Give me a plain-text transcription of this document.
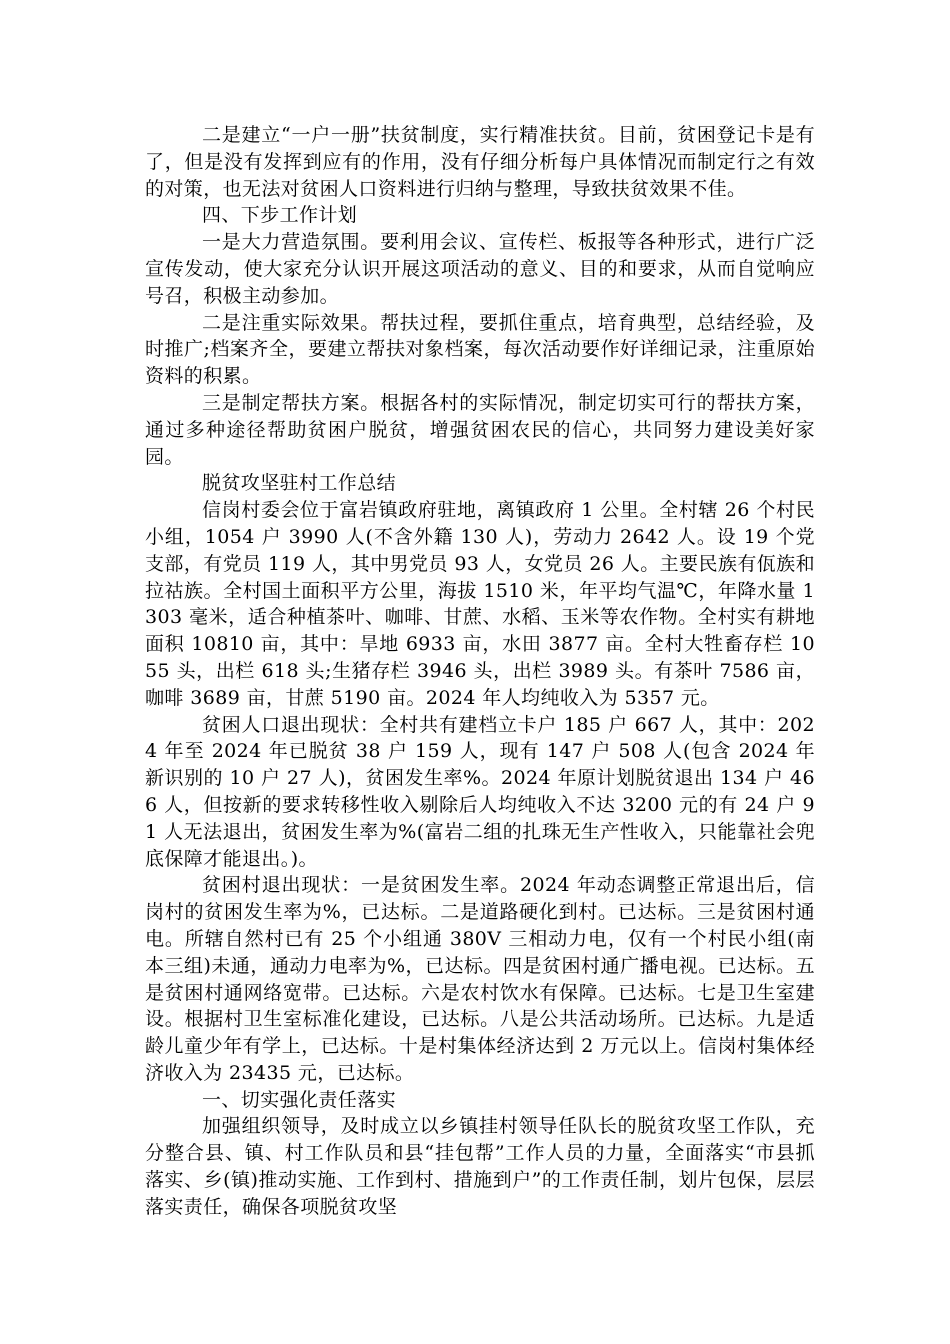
二是建立“一户一册”扶贫制度，实行精准扶贫。目前，贫困登记卡是有了，但是没有发挥到应有的作用，没有仔细分析每户具体情况而制定行之有效的对策，也无法对贫困人口资料进行归纳与整理，导致扶贫效果不佳。

四、下步工作计划

一是大力营造氛围。要利用会议、宣传栏、板报等各种形式，进行广泛宣传发动，使大家充分认识开展这项活动的意义、目的和要求，从而自觉响应号召，积极主动参加。

二是注重实际效果。帮扶过程，要抓住重点，培育典型，总结经验，及时推广;档案齐全，要建立帮扶对象档案，每次活动要作好详细记录，注重原始资料的积累。

三是制定帮扶方案。根据各村的实际情况，制定切实可行的帮扶方案，通过多种途径帮助贫困户脱贫，增强贫困农民的信心，共同努力建设美好家园。

脱贫攻坚驻村工作总结

信岗村委会位于富岩镇政府驻地，离镇政府 1 公里。全村辖 26 个村民小组，1054 户 3990 人(不含外籍 130 人)，劳动力 2642 人。设 19 个党支部，有党员 119 人，其中男党员 93 人，女党员 26 人。主要民族有佤族和拉祜族。全村国土面积平方公里，海拔 1510 米，年平均气温℃，年降水量 1303 毫米，适合种植茶叶、咖啡、甘蔗、水稻、玉米等农作物。全村实有耕地面积 10810 亩，其中：旱地 6933 亩，水田 3877 亩。全村大牲畜存栏 1055 头，出栏 618 头;生猪存栏 3946 头，出栏 3989 头。有茶叶 7586 亩，咖啡 3689 亩，甘蔗 5190 亩。2024 年人均纯收入为 5357 元。

贫困人口退出现状：全村共有建档立卡户 185 户 667 人，其中：2024 年至 2024 年已脱贫 38 户 159 人，现有 147 户 508 人(包含 2024 年新识别的 10 户 27 人)，贫困发生率%。2024 年原计划脱贫退出 134 户 466 人，但按新的要求转移性收入剔除后人均纯收入不达 3200 元的有 24 户 91 人无法退出，贫困发生率为%(富岩二组的扎珠无生产性收入，只能靠社会兜底保障才能退出。)。

贫困村退出现状：一是贫困发生率。2024 年动态调整正常退出后，信岗村的贫困发生率为%，已达标。二是道路硬化到村。已达标。三是贫困村通电。所辖自然村已有 25 个小组通 380V 三相动力电，仅有一个村民小组(南本三组)未通，通动力电率为%，已达标。四是贫困村通广播电视。已达标。五是贫困村通网络宽带。已达标。六是农村饮水有保障。已达标。七是卫生室建设。根据村卫生室标准化建设，已达标。八是公共活动场所。已达标。九是适龄儿童少年有学上，已达标。十是村集体经济达到 2 万元以上。信岗村集体经济收入为 23435 元，已达标。

一、切实强化责任落实

加强组织领导，及时成立以乡镇挂村领导任队长的脱贫攻坚工作队，充分整合县、镇、村工作队员和县“挂包帮”工作人员的力量，全面落实“市县抓落实、乡(镇)推动实施、工作到村、措施到户”的工作责任制，划片包保，层层落实责任，确保各项脱贫攻坚
